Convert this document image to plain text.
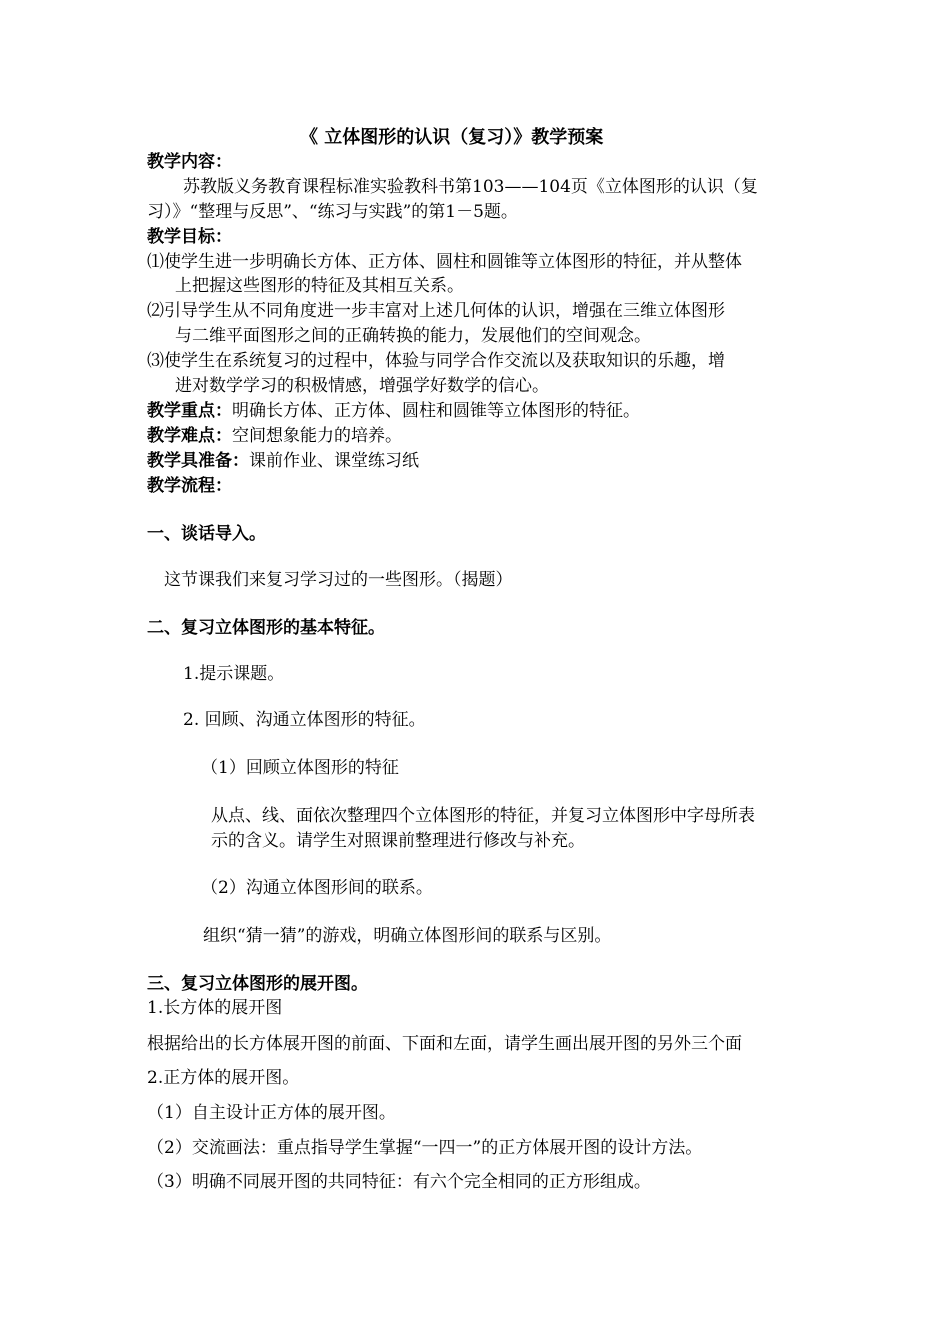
《 立体图形的认识（复习）》教学预案
教学内容：
苏教版义务教育课程标准实验教科书第103——104页《立体图形的认识（复
习）》“整理与反思”、“练习与实践”的第1－5题。
教学目标：
⑴使学生进一步明确长方体、正方体、圆柱和圆锥等立体图形的特征，并从整体
上把握这些图形的特征及其相互关系。
⑵引导学生从不同角度进一步丰富对上述几何体的认识，增强在三维立体图形
与二维平面图形之间的正确转换的能力，发展他们的空间观念。
⑶使学生在系统复习的过程中，体验与同学合作交流以及获取知识的乐趣，增
进对数学学习的积极情感，增强学好数学的信心。
教学重点：明确长方体、正方体、圆柱和圆锥等立体图形的特征。
教学难点：空间想象能力的培养。
教学具准备：课前作业、课堂练习纸
教学流程：
一、谈话导入。
这节课我们来复习学习过的一些图形。（揭题）
二、复习立体图形的基本特征。
1.提示课题。
2. 回顾、沟通立体图形的特征。
（1）回顾立体图形的特征
从点、线、面依次整理四个立体图形的特征，并复习立体图形中字母所表
示的含义。请学生对照课前整理进行修改与补充。
（2）沟通立体图形间的联系。
组织“猜一猜”的游戏，明确立体图形间的联系与区别。
三、复习立体图形的展开图。
1.长方体的展开图
根据给出的长方体展开图的前面、下面和左面，请学生画出展开图的另外三个面
2.正方体的展开图。
（1）自主设计正方体的展开图。
（2）交流画法：重点指导学生掌握“一四一”的正方体展开图的设计方法。
（3）明确不同展开图的共同特征：有六个完全相同的正方形组成。
